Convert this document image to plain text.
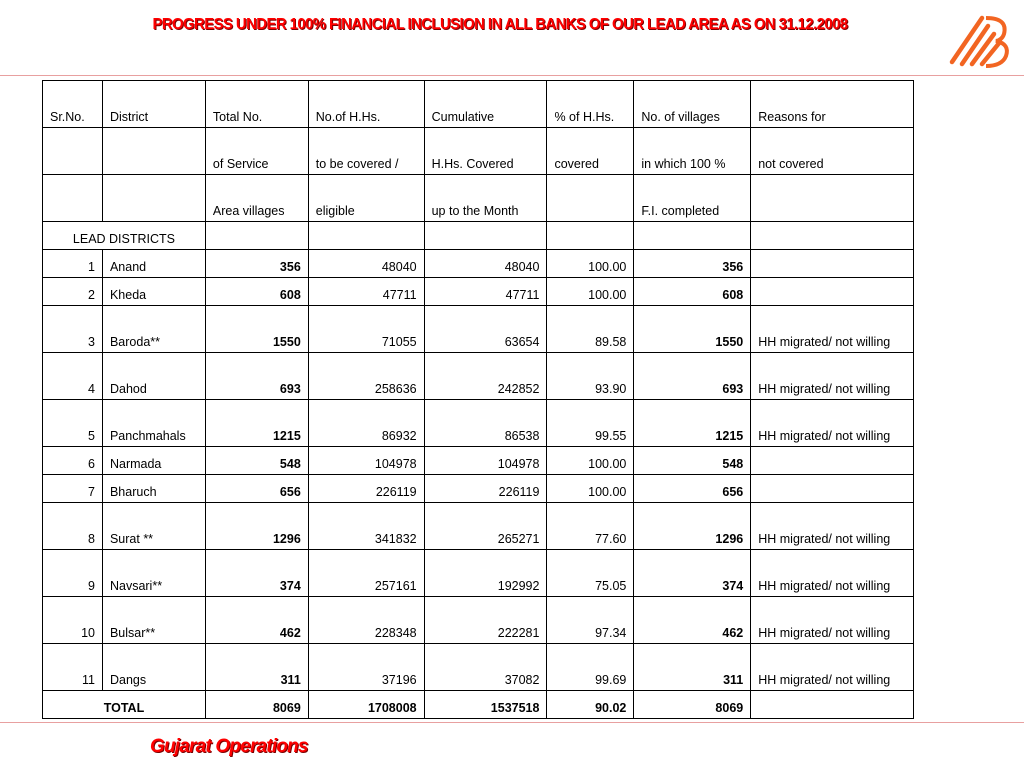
PROGRESS UNDER 100% FINANCIAL INCLUSION IN ALL BANKS OF OUR LEAD AREA AS ON 31.12.2008
Sr.No.	District	Total No.	No.of H.Hs.	Cumulative	% of H.Hs.	No. of villages	Reasons for
		of Service	to be covered /	H.Hs. Covered	covered	in which 100 %	not covered
		Area villages	eligible	up to the Month		F.I. completed	
LEAD DISTRICTS							
1	Anand	356	48040	48040	100.00	356	
2	Kheda	608	47711	47711	100.00	608	
3	Baroda**	1550	71055	63654	89.58	1550	HH migrated/ not willing
4	Dahod	693	258636	242852	93.90	693	HH migrated/ not willing
5	Panchmahals	1215	86932	86538	99.55	1215	HH migrated/ not willing
6	Narmada	548	104978	104978	100.00	548	
7	Bharuch	656	226119	226119	100.00	656	
8	Surat **	1296	341832	265271	77.60	1296	HH migrated/ not willing
9	Navsari**	374	257161	192992	75.05	374	HH migrated/ not willing
10	Bulsar**	462	228348	222281	97.34	462	HH migrated/ not willing
11	Dangs	311	37196	37082	99.69	311	HH migrated/ not willing
TOTAL		8069	1708008	1537518	90.02	8069	
Gujarat Operations
